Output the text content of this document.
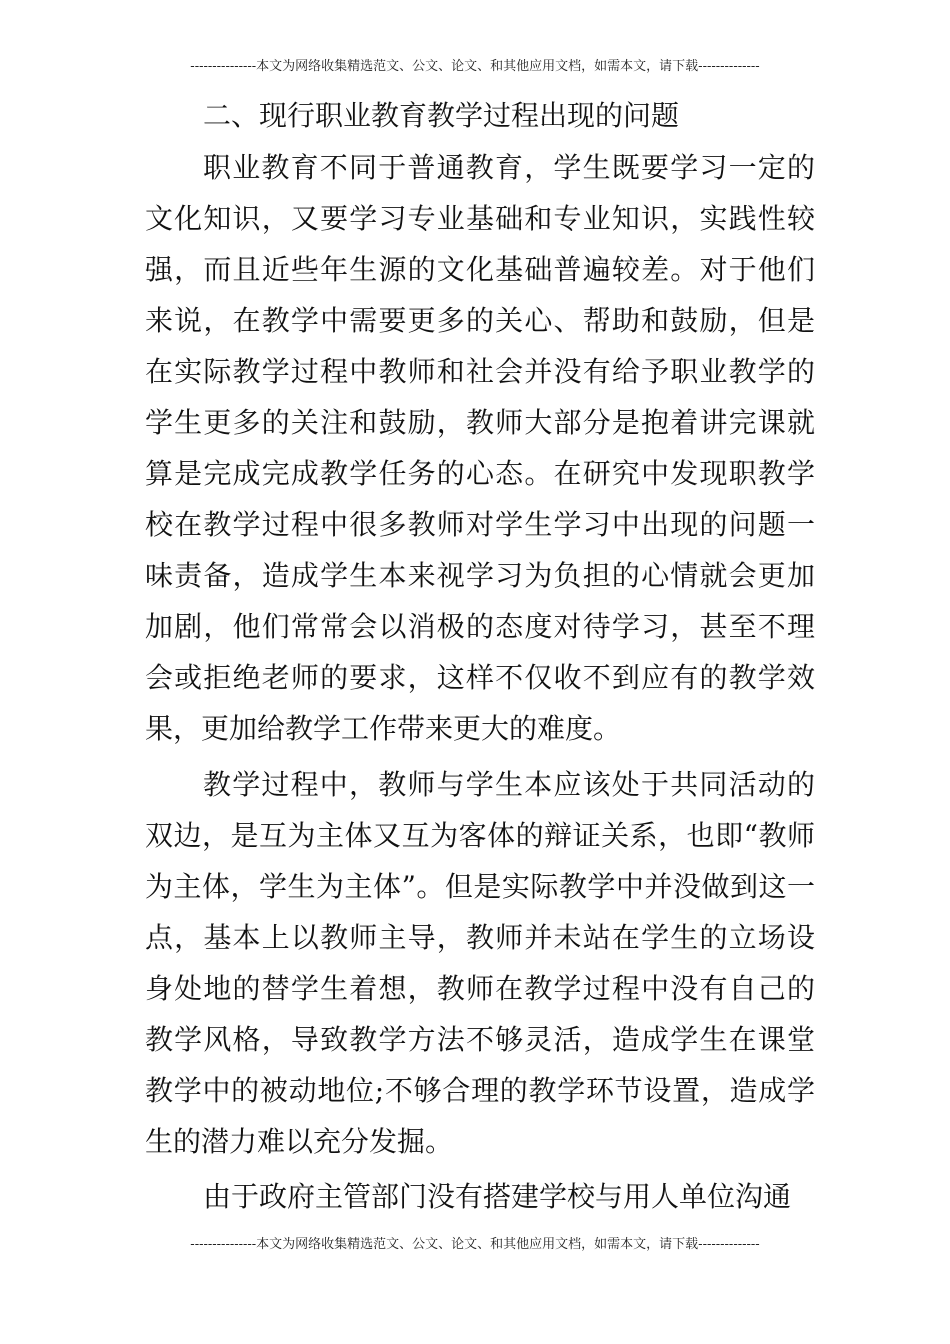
---------------本文为网络收集精选范文、公文、论文、和其他应用文档，如需本文，请下载--------------
二、现行职业教育教学过程出现的问题

职业教育不同于普通教育，学生既要学习一定的文化知识，又要学习专业基础和专业知识，实践性较强，而且近些年生源的文化基础普遍较差。对于他们来说，在教学中需要更多的关心、帮助和鼓励，但是在实际教学过程中教师和社会并没有给予职业教学的学生更多的关注和鼓励，教师大部分是抱着讲完课就算是完成完成教学任务的心态。在研究中发现职教学校在教学过程中很多教师对学生学习中出现的问题一味责备，造成学生本来视学习为负担的心情就会更加加剧，他们常常会以消极的态度对待学习，甚至不理会或拒绝老师的要求，这样不仅收不到应有的教学效果，更加给教学工作带来更大的难度。

教学过程中，教师与学生本应该处于共同活动的双边，是互为主体又互为客体的辩证关系，也即“教师为主体，学生为主体”。但是实际教学中并没做到这一点，基本上以教师主导，教师并未站在学生的立场设身处地的替学生着想，教师在教学过程中没有自己的教学风格，导致教学方法不够灵活，造成学生在课堂教学中的被动地位;不够合理的教学环节设置，造成学生的潜力难以充分发掘。

由于政府主管部门没有搭建学校与用人单位沟通

---------------本文为网络收集精选范文、公文、论文、和其他应用文档，如需本文，请下载--------------
